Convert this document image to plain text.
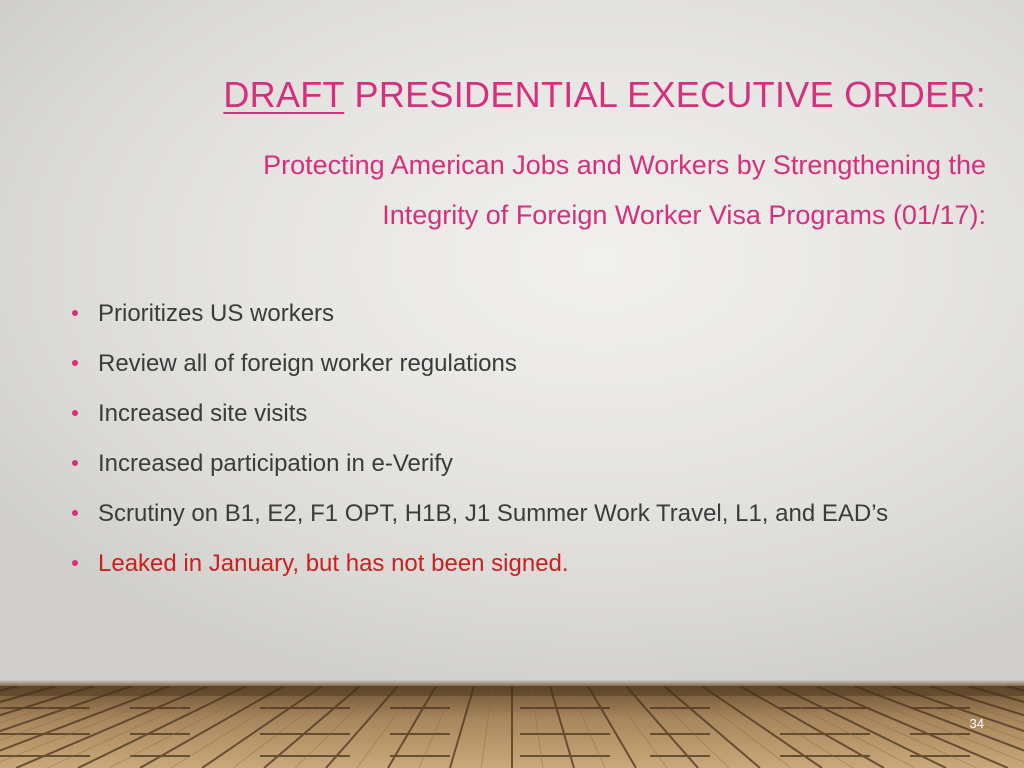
DRAFT PRESIDENTIAL EXECUTIVE ORDER:
Protecting American Jobs and Workers by Strengthening the
Integrity of Foreign Worker Visa Programs (01/17):
Prioritizes US workers
Review all of foreign worker regulations
Increased site visits
Increased participation in e-Verify
Scrutiny on B1, E2, F1 OPT, H1B, J1 Summer Work Travel, L1, and EAD’s
Leaked in January, but has not been signed.
34
